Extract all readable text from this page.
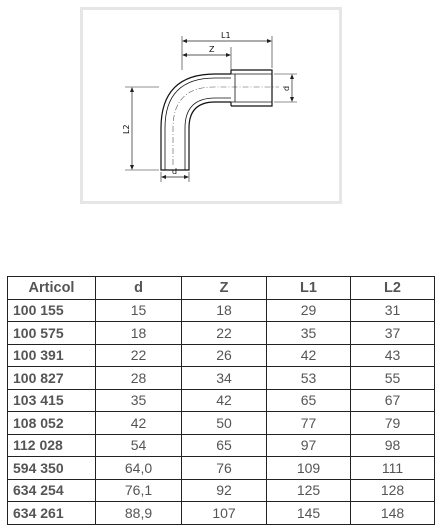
L1
Z
L2
d
d
Articol	d	Z	L1	L2
100 155	15	18	29	31
100 575	18	22	35	37
100 391	22	26	42	43
100 827	28	34	53	55
103 415	35	42	65	67
108 052	42	50	77	79
112 028	54	65	97	98
594 350	64,0	76	109	111
634 254	76,1	92	125	128
634 261	88,9	107	145	148
